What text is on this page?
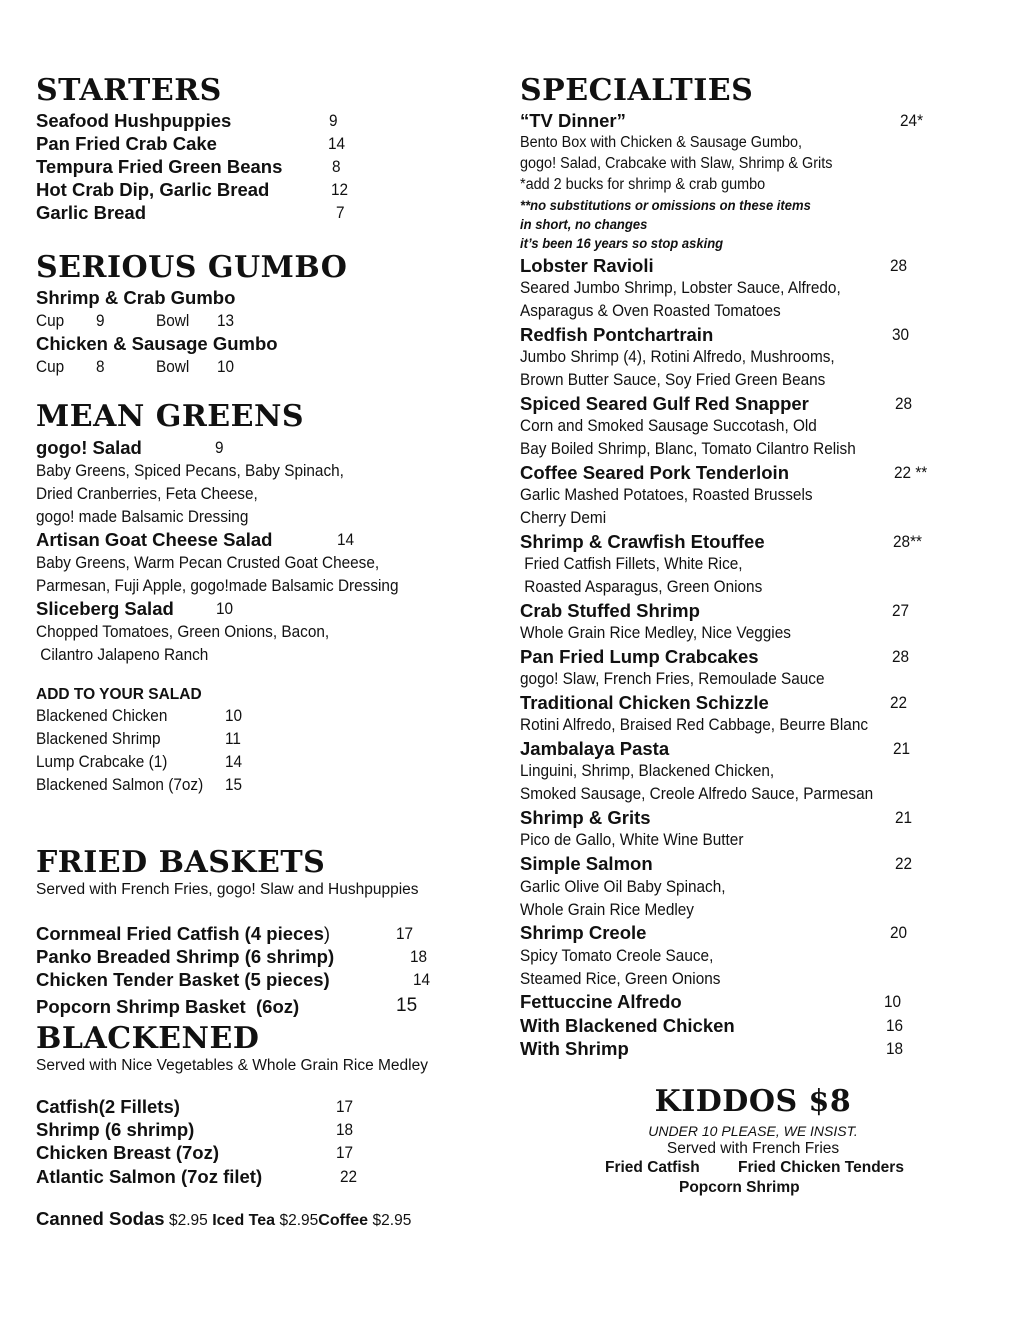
STARTERS
Seafood Hushpuppies	9
Pan Fried Crab Cake	14
Tempura Fried Green Beans	8
Hot Crab Dip, Garlic Bread	12
Garlic Bread	7
SERIOUS GUMBO
Shrimp & Crab Gumbo
Cup 9	Bowl 13
Chicken & Sausage Gumbo
Cup 8	Bowl 10
MEAN GREENS
gogo! Salad	9
Baby Greens, Spiced Pecans, Baby Spinach,
Dried Cranberries, Feta Cheese,
gogo! made Balsamic Dressing
Artisan Goat Cheese Salad	14
Baby Greens, Warm Pecan Crusted Goat Cheese,
Parmesan, Fuji Apple, gogo!made Balsamic Dressing
Sliceberg Salad	10
Chopped Tomatoes, Green Onions, Bacon,
Cilantro Jalapeno Ranch
ADD TO YOUR SALAD
Blackened Chicken	10
Blackened Shrimp	11
Lump Crabcake (1)	14
Blackened Salmon (7oz) 15
FRIED BASKETS
Served with French Fries, gogo! Slaw and Hushpuppies
Cornmeal Fried Catfish (4 pieces)	17
Panko Breaded Shrimp (6 shrimp)	18
Chicken Tender Basket (5 pieces)	14
Popcorn Shrimp Basket  (6oz)	15
BLACKENED
Served with Nice Vegetables & Whole Grain Rice Medley
Catfish(2 Fillets)	17
Shrimp (6 shrimp)	18
Chicken Breast (7oz)	17
Atlantic Salmon (7oz filet)	22
Canned Sodas $2.95 Iced Tea $2.95Coffee $2.95
SPECIALTIES
“TV Dinner”	24*
Bento Box with Chicken & Sausage Gumbo,
gogo! Salad, Crabcake with Slaw, Shrimp & Grits
*add 2 bucks for shrimp & crab gumbo
**no substitutions or omissions on these items
in short, no changes
it’s been 16 years so stop asking
Lobster Ravioli	28
Seared Jumbo Shrimp, Lobster Sauce, Alfredo,
Asparagus & Oven Roasted Tomatoes
Redfish Pontchartrain	30
Jumbo Shrimp (4), Rotini Alfredo, Mushrooms,
Brown Butter Sauce, Soy Fried Green Beans
Spiced Seared Gulf Red Snapper	28
Corn and Smoked Sausage Succotash, Old
Bay Boiled Shrimp, Blanc, Tomato Cilantro Relish
Coffee Seared Pork Tenderloin	22 **
Garlic Mashed Potatoes, Roasted Brussels
Cherry Demi
Shrimp & Crawfish Etouffee	28**
Fried Catfish Fillets, White Rice,
Roasted Asparagus, Green Onions
Crab Stuffed Shrimp	27
Whole Grain Rice Medley, Nice Veggies
Pan Fried Lump Crabcakes	28
gogo! Slaw, French Fries, Remoulade Sauce
Traditional Chicken Schizzle	22
Rotini Alfredo, Braised Red Cabbage, Beurre Blanc
Jambalaya Pasta	21
Linguini, Shrimp, Blackened Chicken,
Smoked Sausage, Creole Alfredo Sauce, Parmesan
Shrimp & Grits	21
Pico de Gallo, White Wine Butter
Simple Salmon	22
Garlic Olive Oil Baby Spinach,
Whole Grain Rice Medley
Shrimp Creole	20
Spicy Tomato Creole Sauce,
Steamed Rice, Green Onions
Fettuccine Alfredo	10
With Blackened Chicken	16
With Shrimp	18
KIDDOS $8
UNDER 10 PLEASE, WE INSIST.
Served with French Fries
Fried Catfish Fried Chicken Tenders
Popcorn Shrimp
